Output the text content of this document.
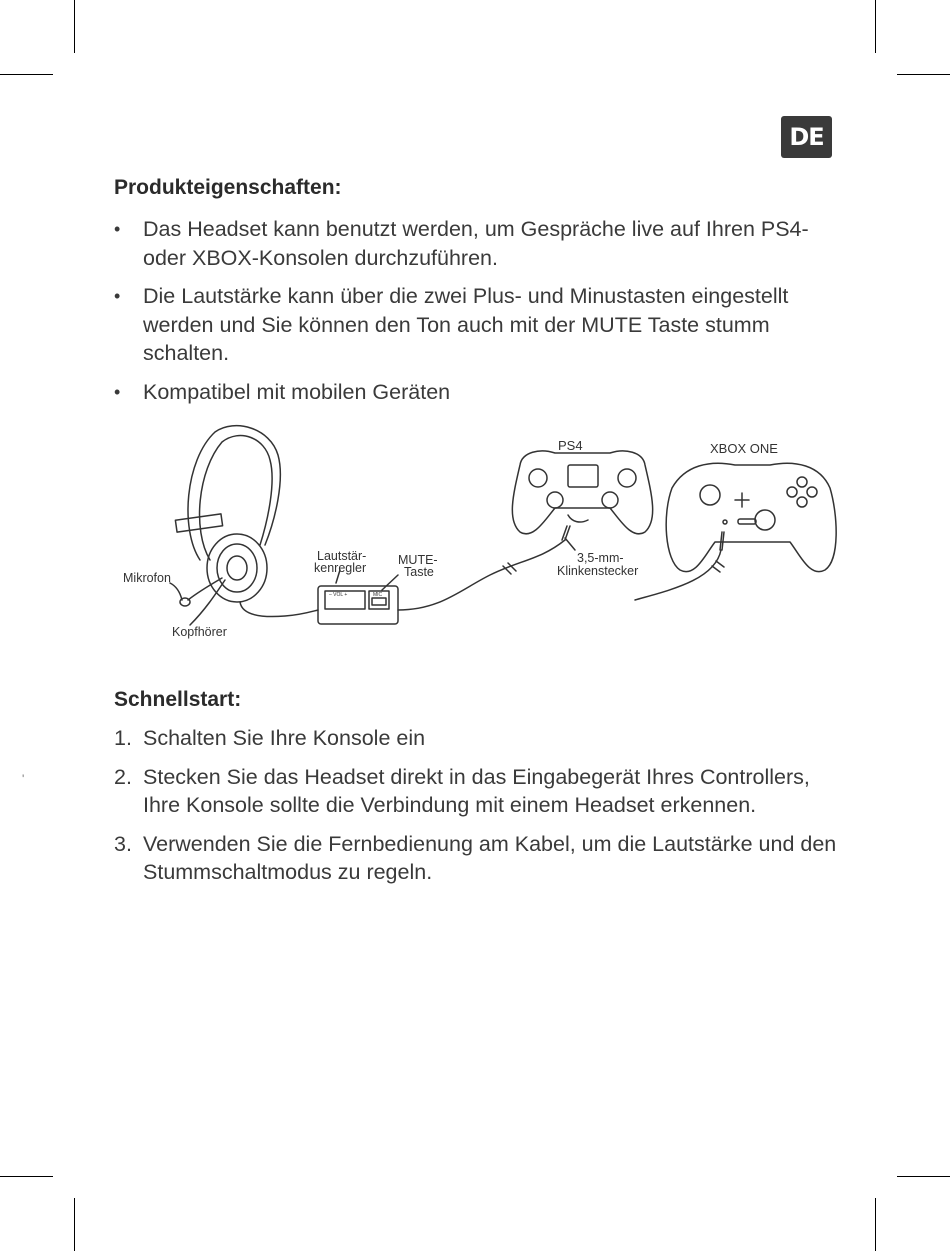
DE
Produkteigenschaften:
• Das Headset kann benutzt werden, um Gespräche live auf Ihren PS4- oder XBOX-Konsolen durchzuführen.
• Die Lautstärke kann über die zwei Plus- und Minustasten eingestellt werden und Sie können den Ton auch mit der MUTE Taste stumm schalten.
• Kompatibel mit mobilen Geräten
PS4	XBOX ONE
Lautstär-
kenregler
MUTE-
Taste
3,5-mm-
Klinkenstecker
Mikrofon
Kopfhörer
– VOL +	MIC
Schnellstart:
1. Schalten Sie Ihre Konsole ein
2. Stecken Sie das Headset direkt in das Eingabegerät Ihres Controllers, Ihre Konsole sollte die Verbindung mit einem Headset erkennen.
3. Verwenden Sie die Fernbedienung am Kabel, um die Lautstärke und den Stummschaltmodus zu regeln.
'
